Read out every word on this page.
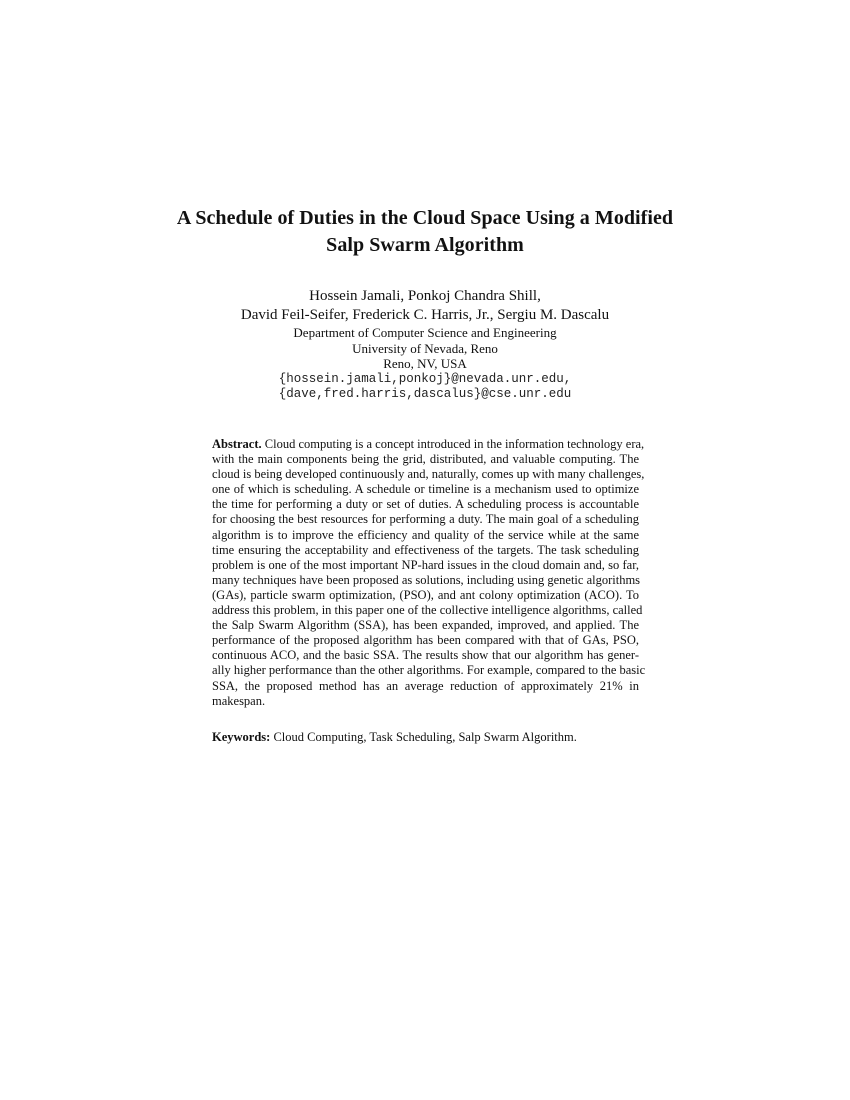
A Schedule of Duties in the Cloud Space Using a Modified
Salp Swarm Algorithm
Hossein Jamali, Ponkoj Chandra Shill,
David Feil-Seifer, Frederick C. Harris, Jr., Sergiu M. Dascalu
Department of Computer Science and Engineering
University of Nevada, Reno
Reno, NV, USA
{hossein.jamali,ponkoj}@nevada.unr.edu,
{dave,fred.harris,dascalus}@cse.unr.edu
Abstract. Cloud computing is a concept introduced in the information technology era,
with the main components being the grid, distributed, and valuable computing. The
cloud is being developed continuously and, naturally, comes up with many challenges,
one of which is scheduling. A schedule or timeline is a mechanism used to optimize
the time for performing a duty or set of duties. A scheduling process is accountable
for choosing the best resources for performing a duty. The main goal of a scheduling
algorithm is to improve the efficiency and quality of the service while at the same
time ensuring the acceptability and effectiveness of the targets. The task scheduling
problem is one of the most important NP-hard issues in the cloud domain and, so far,
many techniques have been proposed as solutions, including using genetic algorithms
(GAs), particle swarm optimization, (PSO), and ant colony optimization (ACO). To
address this problem, in this paper one of the collective intelligence algorithms, called
the Salp Swarm Algorithm (SSA), has been expanded, improved, and applied. The
performance of the proposed algorithm has been compared with that of GAs, PSO,
continuous ACO, and the basic SSA. The results show that our algorithm has gener-
ally higher performance than the other algorithms. For example, compared to the basic
SSA, the proposed method has an average reduction of approximately 21% in
makespan.
Keywords: Cloud Computing, Task Scheduling, Salp Swarm Algorithm.
